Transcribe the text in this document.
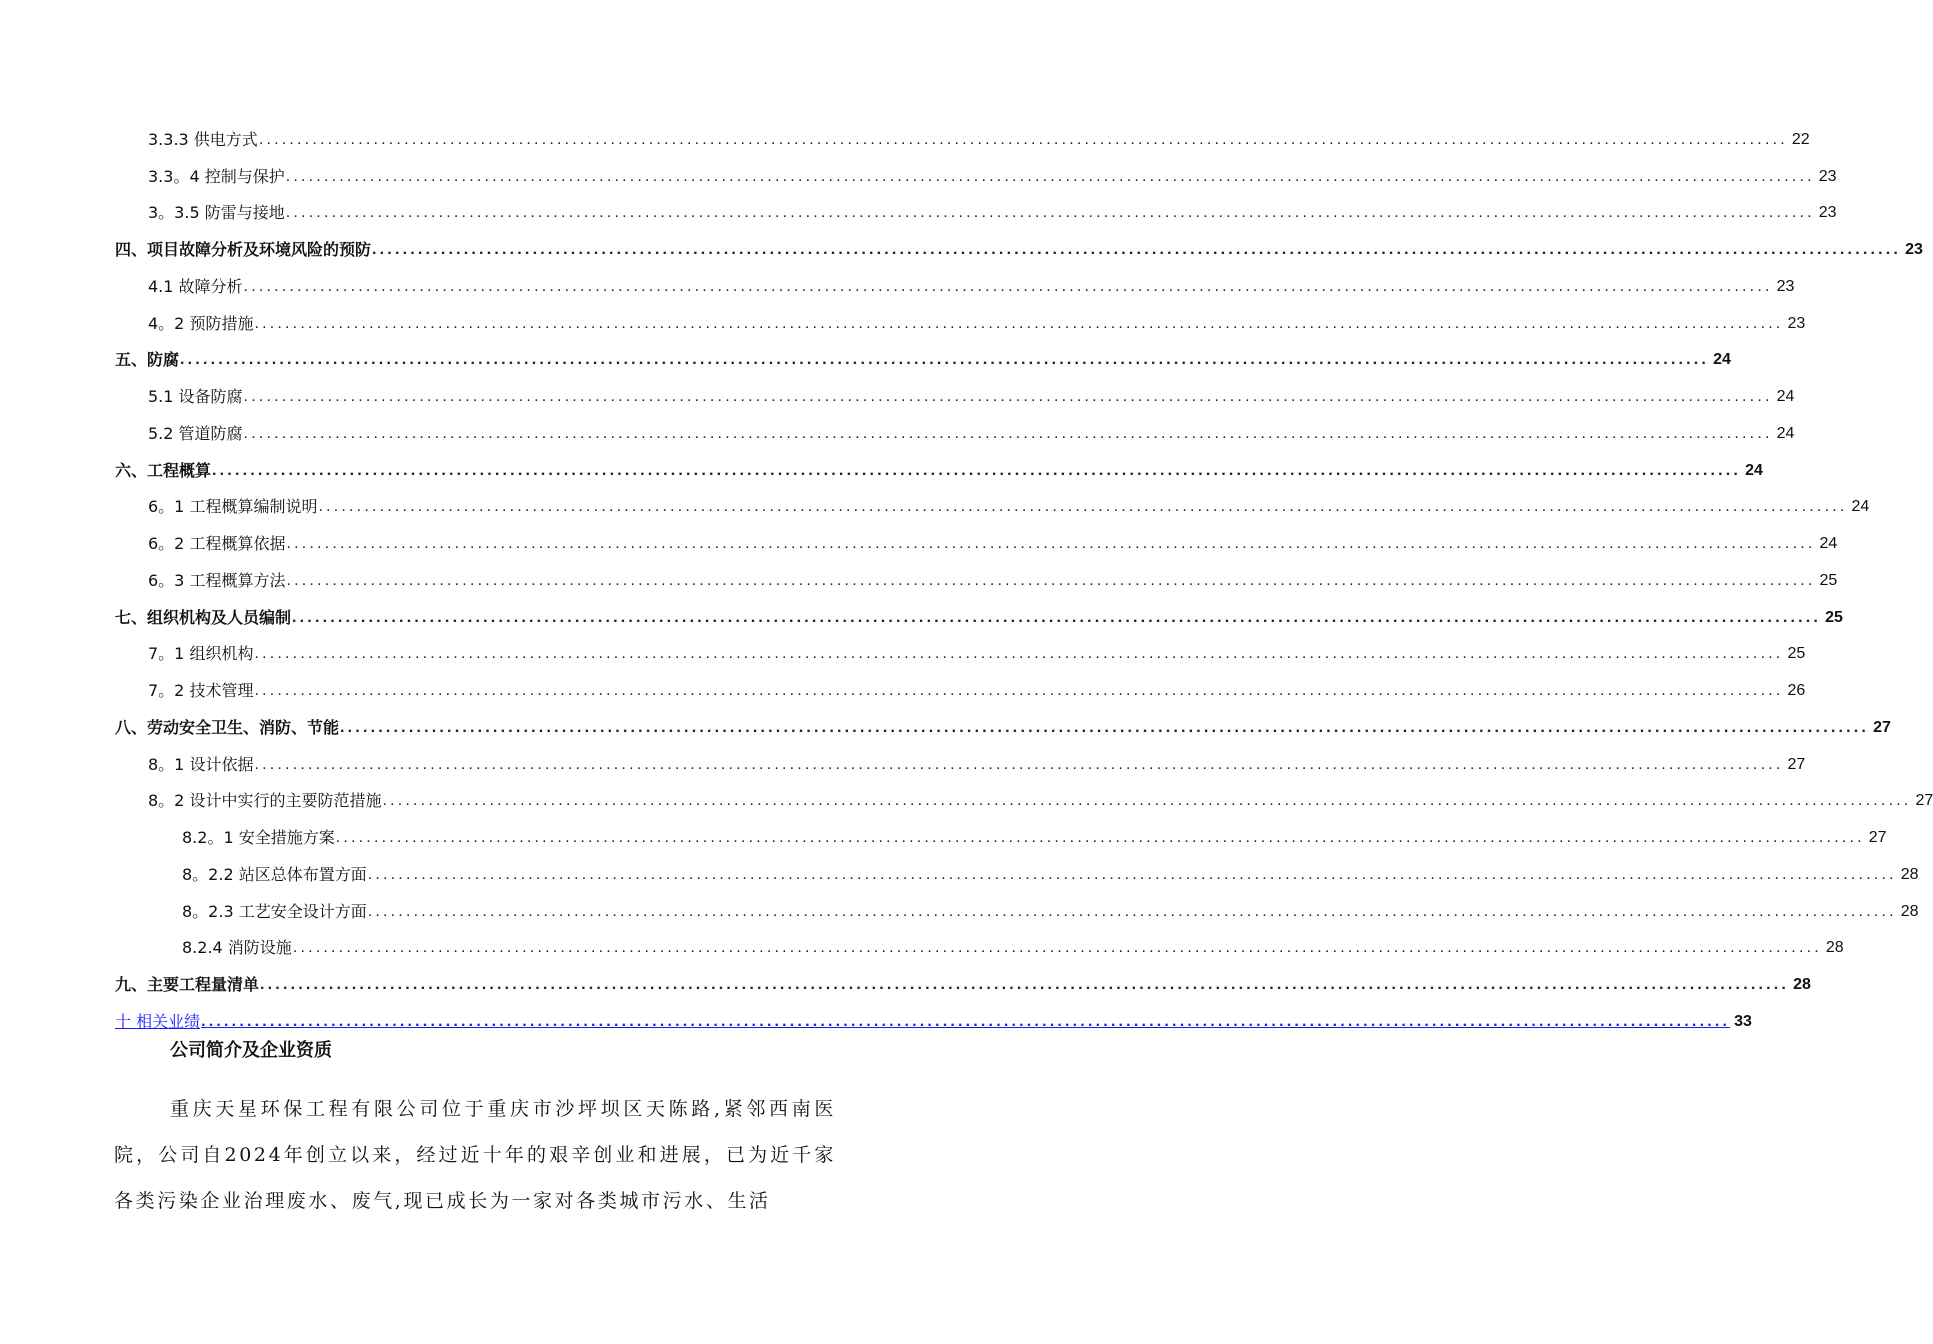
3.3.3 供电方式 ........................................................................................................................................................................................................ 22
3.3。4 控制与保护 ........................................................................................................................................................................................................ 23
3。3.5 防雷与接地 ........................................................................................................................................................................................................ 23
四、项目故障分析及环境风险的预防 ........................................................................................................................................................................................................ 23
4.1 故障分析 ........................................................................................................................................................................................................ 23
4。2 预防措施 ........................................................................................................................................................................................................ 23
五、防腐 ........................................................................................................................................................................................................ 24
5.1 设备防腐 ........................................................................................................................................................................................................ 24
5.2 管道防腐 ........................................................................................................................................................................................................ 24
六、工程概算 ........................................................................................................................................................................................................ 24
6。1 工程概算编制说明 ........................................................................................................................................................................................................ 24
6。2 工程概算依据 ........................................................................................................................................................................................................ 24
6。3 工程概算方法 ........................................................................................................................................................................................................ 25
七、组织机构及人员编制 ........................................................................................................................................................................................................ 25
7。1 组织机构 ........................................................................................................................................................................................................ 25
7。2 技术管理 ........................................................................................................................................................................................................ 26
八、劳动安全卫生、消防、节能 ........................................................................................................................................................................................................ 27
8。1 设计依据 ........................................................................................................................................................................................................ 27
8。2 设计中实行的主要防范措施 ........................................................................................................................................................................................................ 27
8.2。1 安全措施方案 ........................................................................................................................................................................................................ 27
8。2.2 站区总体布置方面 ........................................................................................................................................................................................................ 28
8。2.3 工艺安全设计方面 ........................................................................................................................................................................................................ 28
8.2.4 消防设施 ........................................................................................................................................................................................................ 28
九、主要工程量清单 ........................................................................................................................................................................................................ 28
十 相关业绩 ........................................................................................................................................................................................................ 33
公司简介及企业资质
重庆天星环保工程有限公司位于重庆市沙坪坝区天陈路,紧邻西南医院，公司自2024年创立以来，经过近十年的艰辛创业和进展，已为近千家各类污染企业治理废水、废气,现已成长为一家对各类城市污水、生活
